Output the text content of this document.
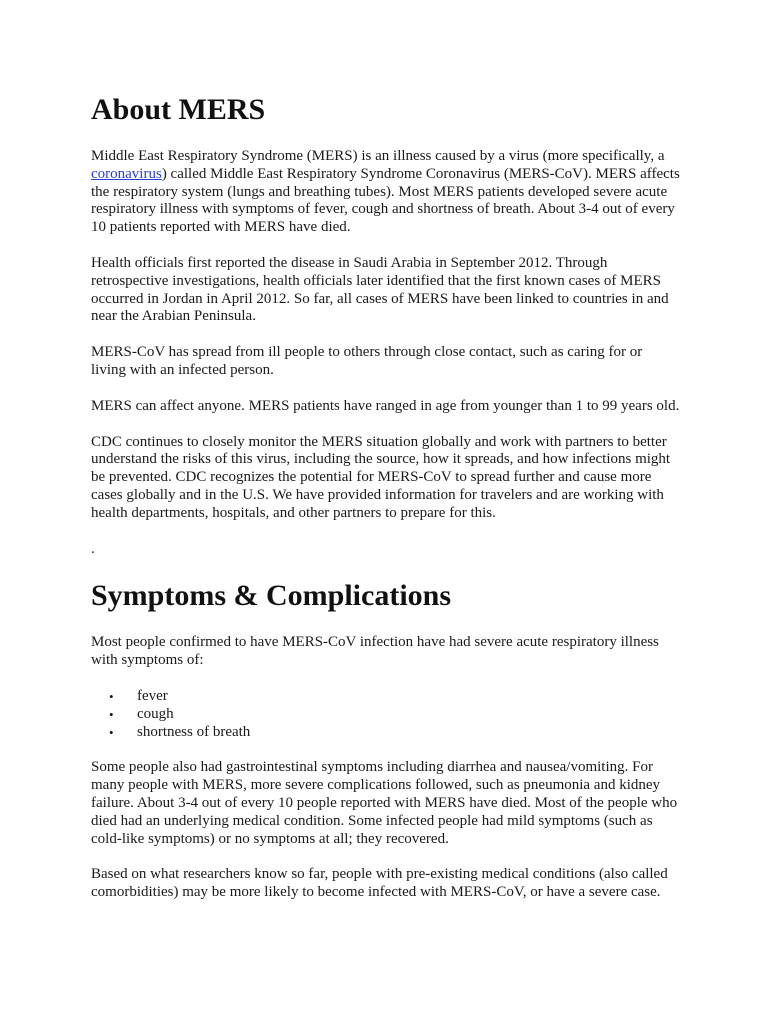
About MERS

Middle East Respiratory Syndrome (MERS) is an illness caused by a virus (more specifically, a coronavirus) called Middle East Respiratory Syndrome Coronavirus (MERS-CoV). MERS affects the respiratory system (lungs and breathing tubes). Most MERS patients developed severe acute respiratory illness with symptoms of fever, cough and shortness of breath. About 3-4 out of every 10 patients reported with MERS have died.

Health officials first reported the disease in Saudi Arabia in September 2012. Through retrospective investigations, health officials later identified that the first known cases of MERS occurred in Jordan in April 2012. So far, all cases of MERS have been linked to countries in and near the Arabian Peninsula.

MERS-CoV has spread from ill people to others through close contact, such as caring for or living with an infected person.

MERS can affect anyone. MERS patients have ranged in age from younger than 1 to 99 years old.

CDC continues to closely monitor the MERS situation globally and work with partners to better understand the risks of this virus, including the source, how it spreads, and how infections might be prevented. CDC recognizes the potential for MERS-CoV to spread further and cause more cases globally and in the U.S. We have provided information for travelers and are working with health departments, hospitals, and other partners to prepare for this.

.

Symptoms & Complications

Most people confirmed to have MERS-CoV infection have had severe acute respiratory illness with symptoms of:

• fever
• cough
• shortness of breath

Some people also had gastrointestinal symptoms including diarrhea and nausea/vomiting. For many people with MERS, more severe complications followed, such as pneumonia and kidney failure. About 3-4 out of every 10 people reported with MERS have died. Most of the people who died had an underlying medical condition. Some infected people had mild symptoms (such as cold-like symptoms) or no symptoms at all; they recovered.

Based on what researchers know so far, people with pre-existing medical conditions (also called comorbidities) may be more likely to become infected with MERS-CoV, or have a severe case.
